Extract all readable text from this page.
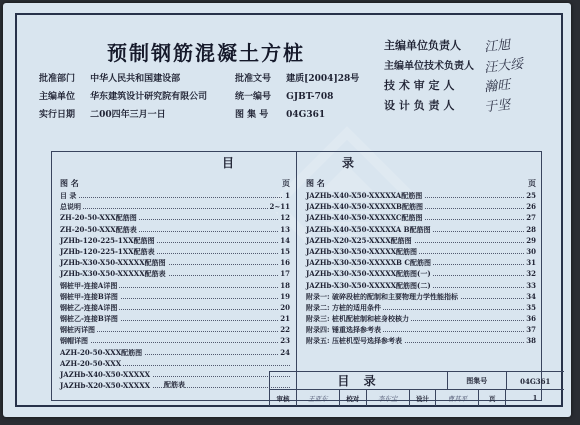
预制钢筋混凝土方桩
批准部门 中华人民共和国建设部
主编单位 华东建筑设计研究院有限公司
实行日期 二00四年三月一日
批准文号 建质[2004]28号
统一编号 GJBT-708
图 集 号 04G361
主编单位负责人 江旭
主编单位技术负责人 汪大绥
技 术 审 定 人 瀚旺
设 计 负 责 人 于坚
目	录
图 名	页
目 录	1
总说明	2~11
ZH-20-50-XXX配筋图	12
ZH-20-50-XXX配筋表	13
JZHb-120-225-1XX配筋图	14
JZHb-120-225-1XX配筋表	15
JZHb-X30-X50-XXXXX配筋图	16
JZHb-X30-X50-XXXXX配筋表	17
钢桩甲-连接A详图	18
钢桩甲-连接B详图	19
钢桩乙-连接A详图	20
钢桩乙-连接B详图	21
钢桩丙详图	22
钢帽详图	23
AZH-20-50-XXX配筋图	24
AZH-20-50-XXX
JAZHb-X40-X50-XXXXX
配筋表
JAZHb-X20-X50-XXXXX
图 名	页
JAZHb-X40-X50-XXXXXA配筋图	25
JAZHb-X40-X50-XXXXXB配筋图	26
JAZHb-X40-X50-XXXXXC配筋图	27
JAZHb-X40-X50-XXXXXA B配筋图	28
JAZHb-X20-X25-XXXX配筋图	29
JAZHb-X30-X50-XXXXX配筋图	30
JAZHb-X30-X50-XXXXXB C配筋图	31
JAZHb-X30-X50-XXXXX配筋图(一)	32
JAZHb-X30-X50-XXXXX配筋图(二)	33
附录一: 破碎段桩的配制和主要物理力学性能指标	34
附录二: 方桩的适用条件	35
附录三: 桩机配桩制和桩身校核力	36
附录四: 锤重选择参考表	37
附录五: 压桩机型号选择参考表	38
目 录	图集号	04G361
审核	王亚东	校对	李东宝	设计	曹其平	页	1
